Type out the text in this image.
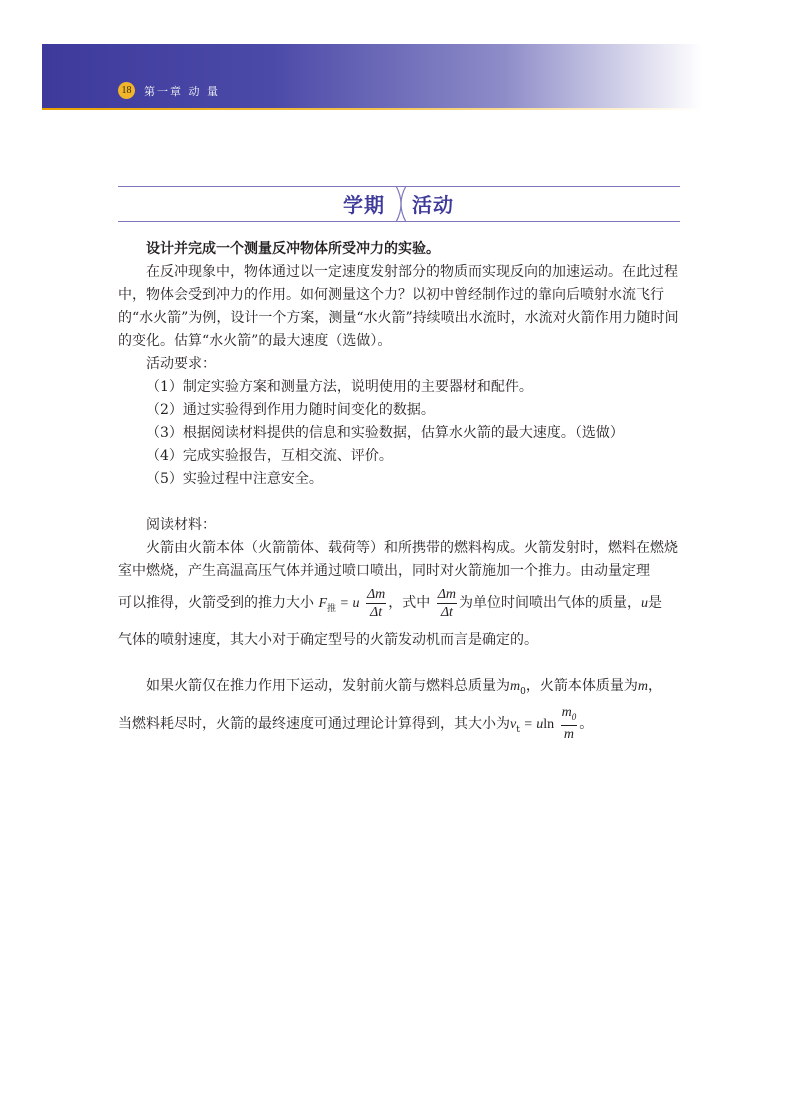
18	第一章 动 量
学期 活动

设计并完成一个测量反冲物体所受冲力的实验。

在反冲现象中，物体通过以一定速度发射部分的物质而实现反向的加速运动。在此过程中，物体会受到冲力的作用。如何测量这个力？以初中曾经制作过的靠向后喷射水流飞行的“水火箭”为例，设计一个方案，测量“水火箭”持续喷出水流时，水流对火箭作用力随时间的变化。估算“水火箭”的最大速度（选做）。

活动要求：

（1）制定实验方案和测量方法，说明使用的主要器材和配件。

（2）通过实验得到作用力随时间变化的数据。

（3）根据阅读材料提供的信息和实验数据，估算水火箭的最大速度。（选做）

（4）完成实验报告，互相交流、评价。

（5）实验过程中注意安全。

阅读材料：

火箭由火箭本体（火箭箭体、载荷等）和所携带的燃料构成。火箭发射时，燃料在燃烧室中燃烧，产生高温高压气体并通过喷口喷出，同时对火箭施加一个推力。由动量定理

可以推得，火箭受到的推力大小 $F_推 = u \frac{\Delta m}{\Delta t}$ ，式中 $\frac{\Delta m}{\Delta t}$ 为单位时间喷出气体的质量，u是

气体的喷射速度，其大小对于确定型号的火箭发动机而言是确定的。

如果火箭仅在推力作用下运动，发射前火箭与燃料总质量为$m_0$，火箭本体质量为m，

当燃料耗尽时，火箭的最终速度可通过理论计算得到，其大小为$v_t = uln \frac{m_0}{m}$ 。
